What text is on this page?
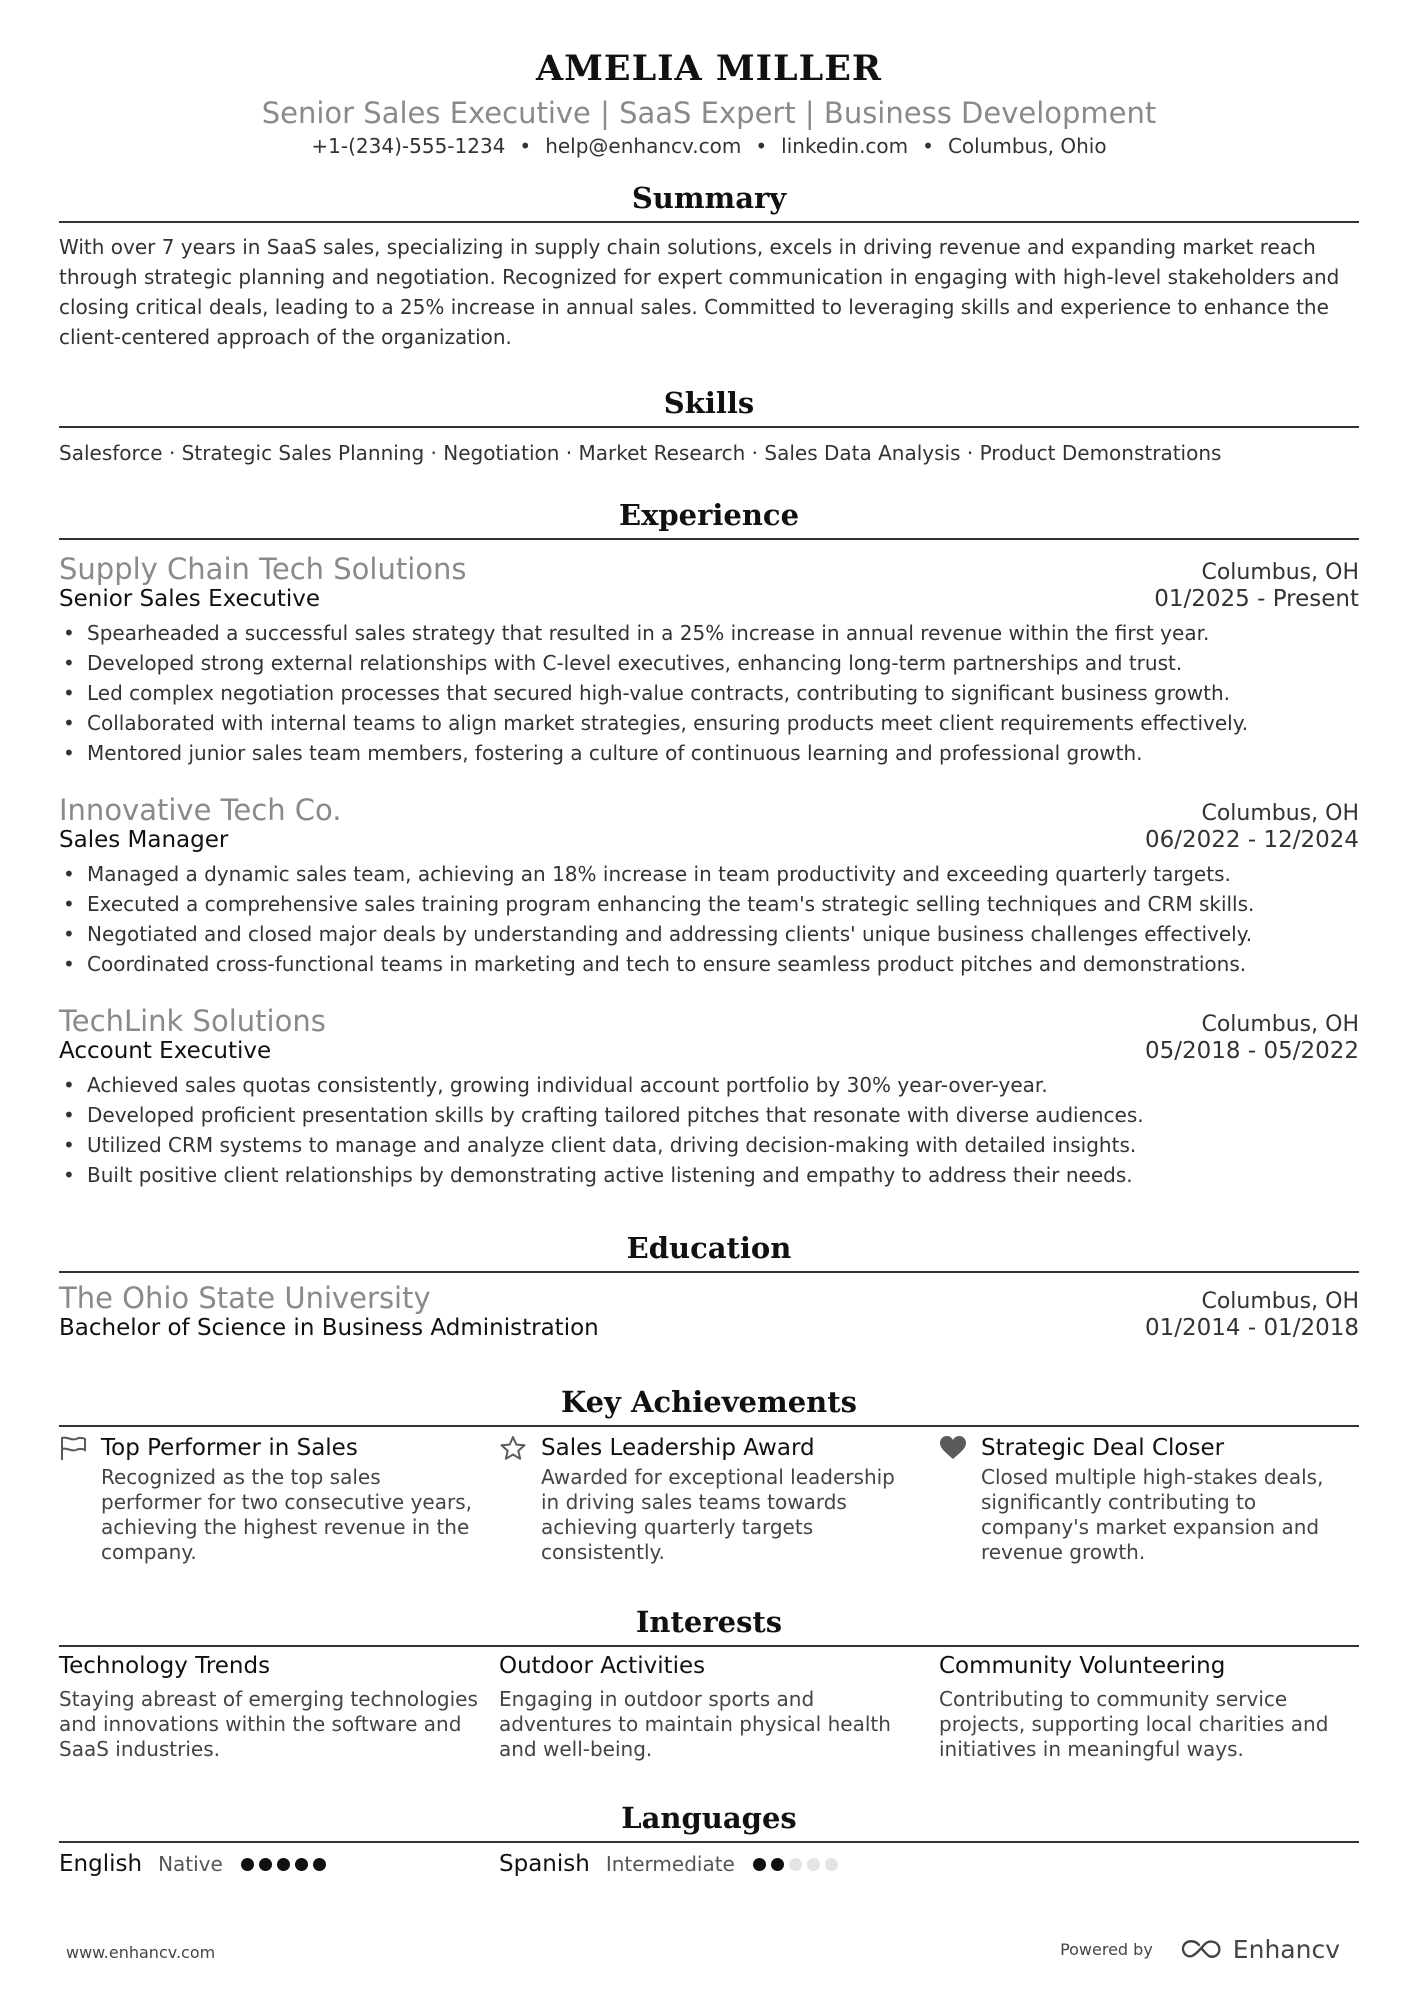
AMELIA MILLER
Senior Sales Executive | SaaS Expert | Business Development
+1-(234)-555-1234 • help@enhancv.com • linkedin.com • Columbus, Ohio
Summary
With over 7 years in SaaS sales, specializing in supply chain solutions, excels in driving revenue and expanding market reach through strategic planning and negotiation. Recognized for expert communication in engaging with high-level stakeholders and closing critical deals, leading to a 25% increase in annual sales. Committed to leveraging skills and experience to enhance the client-centered approach of the organization.
Skills
Salesforce · Strategic Sales Planning · Negotiation · Market Research · Sales Data Analysis · Product Demonstrations
Experience
Supply Chain Tech Solutions	Columbus, OH
Senior Sales Executive	01/2025 - Present
• Spearheaded a successful sales strategy that resulted in a 25% increase in annual revenue within the first year.
• Developed strong external relationships with C-level executives, enhancing long-term partnerships and trust.
• Led complex negotiation processes that secured high-value contracts, contributing to significant business growth.
• Collaborated with internal teams to align market strategies, ensuring products meet client requirements effectively.
• Mentored junior sales team members, fostering a culture of continuous learning and professional growth.
Innovative Tech Co.	Columbus, OH
Sales Manager	06/2022 - 12/2024
• Managed a dynamic sales team, achieving an 18% increase in team productivity and exceeding quarterly targets.
• Executed a comprehensive sales training program enhancing the team's strategic selling techniques and CRM skills.
• Negotiated and closed major deals by understanding and addressing clients' unique business challenges effectively.
• Coordinated cross-functional teams in marketing and tech to ensure seamless product pitches and demonstrations.
TechLink Solutions	Columbus, OH
Account Executive	05/2018 - 05/2022
• Achieved sales quotas consistently, growing individual account portfolio by 30% year-over-year.
• Developed proficient presentation skills by crafting tailored pitches that resonate with diverse audiences.
• Utilized CRM systems to manage and analyze client data, driving decision-making with detailed insights.
• Built positive client relationships by demonstrating active listening and empathy to address their needs.
Education
The Ohio State University	Columbus, OH
Bachelor of Science in Business Administration	01/2014 - 01/2018
Key Achievements
Top Performer in Sales
Recognized as the top sales performer for two consecutive years, achieving the highest revenue in the company.
Sales Leadership Award
Awarded for exceptional leadership in driving sales teams towards achieving quarterly targets consistently.
Strategic Deal Closer
Closed multiple high-stakes deals, significantly contributing to company's market expansion and revenue growth.
Interests
Technology Trends
Staying abreast of emerging technologies and innovations within the software and SaaS industries.
Outdoor Activities
Engaging in outdoor sports and adventures to maintain physical health and well-being.
Community Volunteering
Contributing to community service projects, supporting local charities and initiatives in meaningful ways.
Languages
English Native	Spanish Intermediate
www.enhancv.com	Powered by	Enhancv
